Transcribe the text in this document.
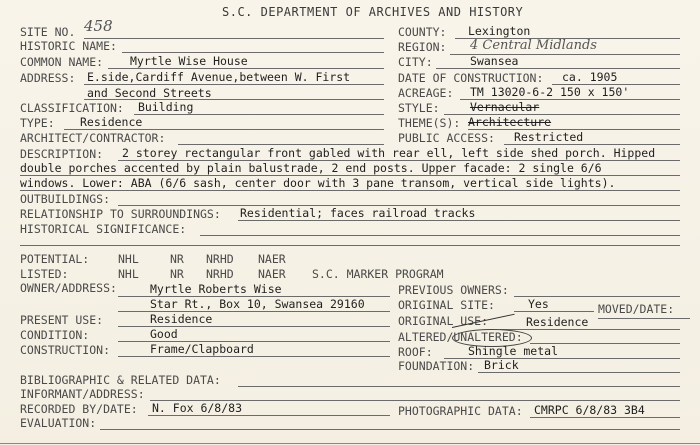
S.C. DEPARTMENT OF ARCHIVES AND HISTORY
SITE NO. 458	COUNTY: Lexington
HISTORIC NAME:	REGION: 4 Central Midlands
COMMON NAME: Myrtle Wise House	CITY:	Swansea
ADDRESS: E.side,Cardiff Avenue,between W. First	DATE OF CONSTRUCTION: ca. 1905
and Second Streets	ACREAGE: TM 13020-6-2 150 x 150'
CLASSIFICATION: Building	STYLE:	Vernacular
TYPE: Residence	THEME(S): Architecture
ARCHITECT/CONTRACTOR:	PUBLIC ACCESS: Restricted
DESCRIPTION: 2 storey rectangular front gabled with rear ell, left side shed porch. Hipped
double porches accented by plain balustrade, 2 end posts. Upper facade: 2 single 6/6
windows. Lower: ABA (6/6 sash, center door with 3 pane transom, vertical side lights).
OUTBUILDINGS:
RELATIONSHIP TO SURROUNDINGS: Residential; faces railroad tracks
HISTORICAL SIGNIFICANCE:
POTENTIAL:	NHL	NR NRHD NAER
LISTED:	NHL	NR NRHD NAER S.C. MARKER PROGRAM
OWNER/ADDRESS:	Myrtle Roberts Wise	PREVIOUS OWNERS:
Star Rt., Box 10, Swansea 29160	ORIGINAL SITE:	Yes	MOVED/DATE:
PRESENT USE:	Residence	ORIGINAL USE:	Residence
CONDITION:	Good	ALTERED/UNALTERED:
CONSTRUCTION:	Frame/Clapboard	ROOF:	Shingle metal
FOUNDATION: Brick
BIBLIOGRAPHIC & RELATED DATA:
INFORMANT/ADDRESS:
RECORDED BY/DATE: N. Fox 6/8/83	PHOTOGRAPHIC DATA: CMRPC 6/8/83 3B4
EVALUATION:
